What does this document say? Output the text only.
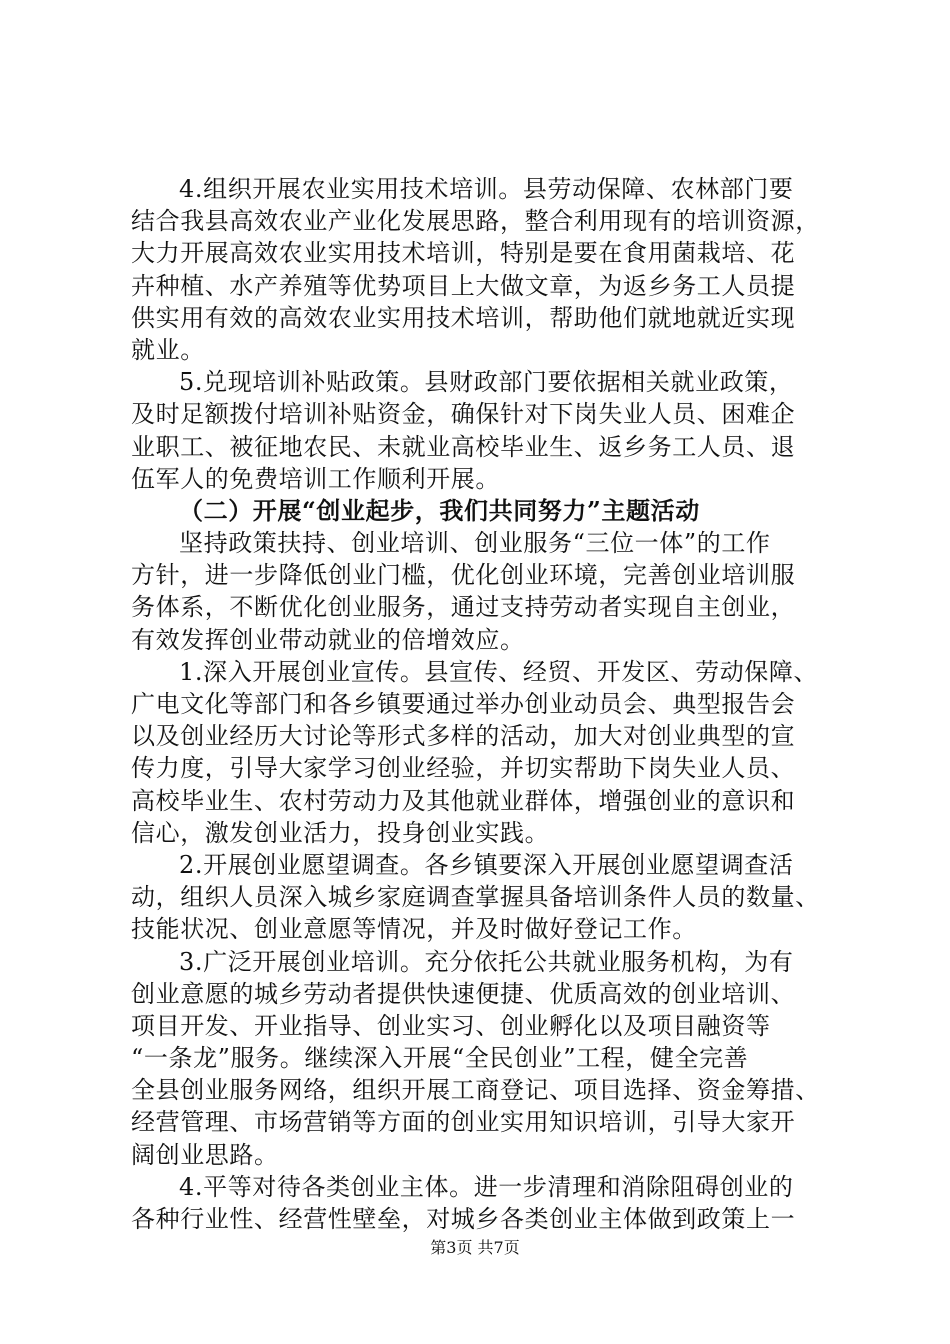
4.组织开展农业实用技术培训。县劳动保障、农林部门要
结合我县高效农业产业化发展思路，整合利用现有的培训资源，
大力开展高效农业实用技术培训，特别是要在食用菌栽培、花
卉种植、水产养殖等优势项目上大做文章，为返乡务工人员提
供实用有效的高效农业实用技术培训，帮助他们就地就近实现
就业。
5.兑现培训补贴政策。县财政部门要依据相关就业政策，
及时足额拨付培训补贴资金，确保针对下岗失业人员、困难企
业职工、被征地农民、未就业高校毕业生、返乡务工人员、退
伍军人的免费培训工作顺利开展。
（二）开展“创业起步，我们共同努力”主题活动
坚持政策扶持、创业培训、创业服务“三位一体”的工作
方针，进一步降低创业门槛，优化创业环境，完善创业培训服
务体系，不断优化创业服务，通过支持劳动者实现自主创业，
有效发挥创业带动就业的倍增效应。
1.深入开展创业宣传。县宣传、经贸、开发区、劳动保障、
广电文化等部门和各乡镇要通过举办创业动员会、典型报告会
以及创业经历大讨论等形式多样的活动，加大对创业典型的宣
传力度，引导大家学习创业经验，并切实帮助下岗失业人员、
高校毕业生、农村劳动力及其他就业群体，增强创业的意识和
信心，激发创业活力，投身创业实践。
2.开展创业愿望调查。各乡镇要深入开展创业愿望调查活
动，组织人员深入城乡家庭调查掌握具备培训条件人员的数量、
技能状况、创业意愿等情况，并及时做好登记工作。
3.广泛开展创业培训。充分依托公共就业服务机构，为有
创业意愿的城乡劳动者提供快速便捷、优质高效的创业培训、
项目开发、开业指导、创业实习、创业孵化以及项目融资等
“一条龙”服务。继续深入开展“全民创业”工程，健全完善
全县创业服务网络，组织开展工商登记、项目选择、资金筹措、
经营管理、市场营销等方面的创业实用知识培训，引导大家开
阔创业思路。
4.平等对待各类创业主体。进一步清理和消除阻碍创业的
各种行业性、经营性壁垒，对城乡各类创业主体做到政策上一
第3页 共7页
